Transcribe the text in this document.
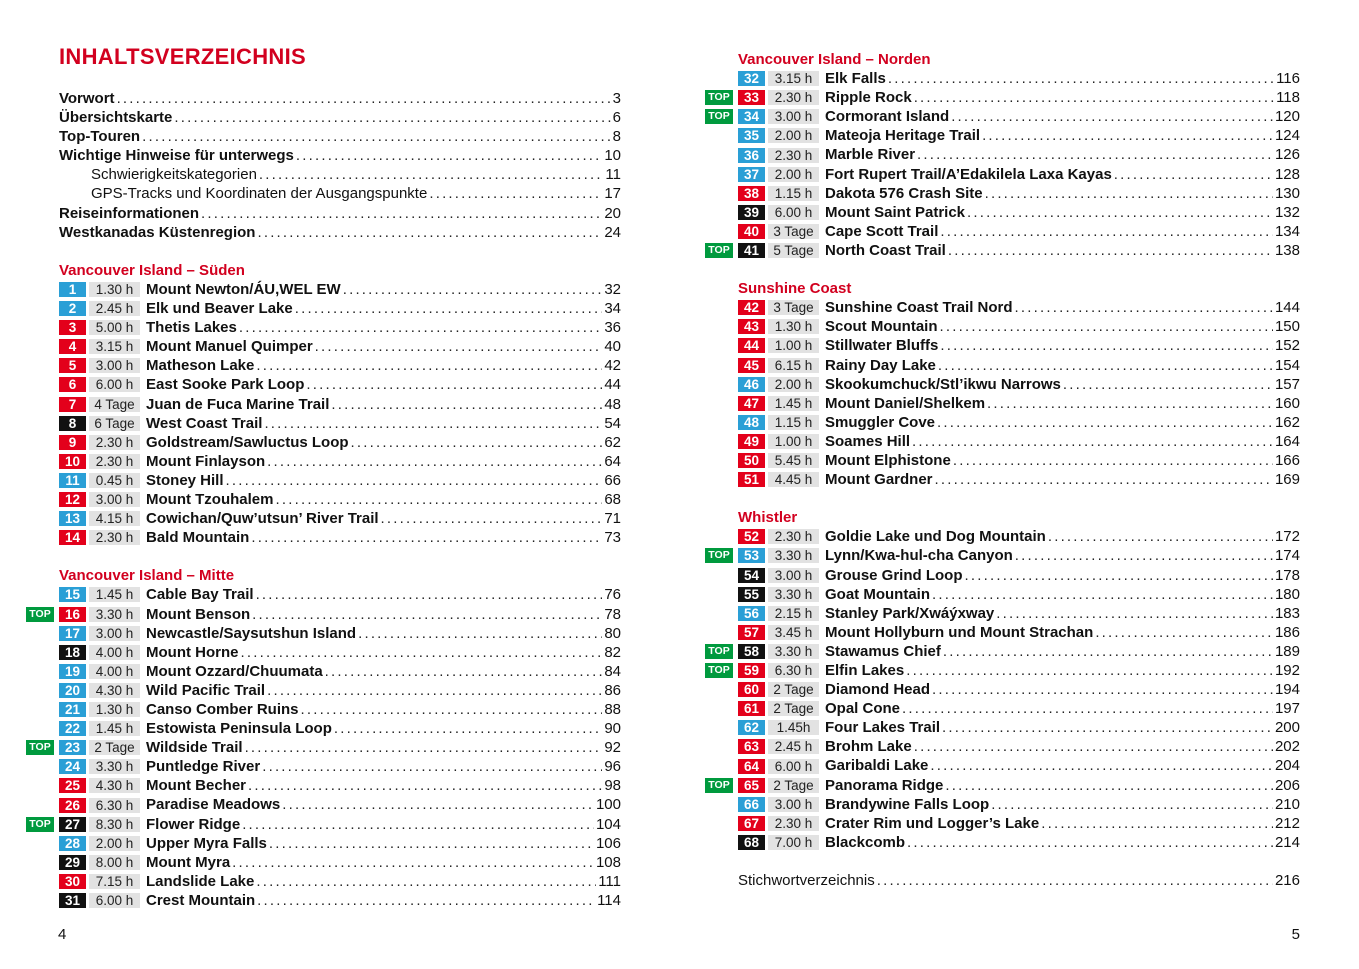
INHALTSVERZEICHNIS
Vorwort .....	3
Übersichtskarte .....	6
Top-Touren .....	8
Wichtige Hinweise für unterwegs .....	10
Schwierigkeitskategorien .....	11
GPS-Tracks und Koordinaten der Ausgangspunkte .....	17
Reiseinformationen .....	20
Westkanadas Küstenregion .....	24
Vancouver Island – Süden
1	1.30 h Mount Newton/ÁU,WEL EW .....	32
2	2.45 h Elk und Beaver Lake .....	34
3	5.00 h Thetis Lakes .....	36
4	3.15 h Mount Manuel Quimper .....	40
5	3.00 h Matheson Lake .....	42
6	6.00 h East Sooke Park Loop .....	44
7	4 Tage Juan de Fuca Marine Trail .....	48
8	6 Tage West Coast Trail .....	54
9	2.30 h Goldstream/Sawluctus Loop .....	62
10	2.30 h Mount Finlayson .....	64
11	0.45 h Stoney Hill .....	66
12	3.00 h Mount Tzouhalem .....	68
13	4.15 h Cowichan/Quw’utsun’ River Trail .....	71
14	2.30 h Bald Mountain .....	73
Vancouver Island – Mitte
15	1.45 h Cable Bay Trail .....	76
TOP	16	3.30 h Mount Benson .....	78
17	3.00 h Newcastle/Saysutshun Island .....	80
18	4.00 h Mount Horne .....	82
19	4.00 h Mount Ozzard/Chuumata .....	84
20	4.30 h Wild Pacific Trail .....	86
21	1.30 h Canso Comber Ruins .....	88
22	1.45 h Estowista Peninsula Loop .....	90
TOP	23	2 Tage Wildside Trail .....	92
24	3.30 h Puntledge River .....	96
25	4.30 h Mount Becher .....	98
26	6.30 h Paradise Meadows .....	100
TOP	27	8.30 h Flower Ridge .....	104
28	2.00 h Upper Myra Falls .....	106
29	8.00 h Mount Myra .....	108
30	7.15 h Landslide Lake .....	111
31	6.00 h Crest Mountain .....	114
4
Vancouver Island – Norden
32	3.15 h Elk Falls .....	116
TOP	33	2.30 h Ripple Rock .....	118
TOP	34	3.00 h Cormorant Island .....	120
35	2.00 h Mateoja Heritage Trail .....	124
36	2.30 h Marble River .....	126
37	2.00 h Fort Rupert Trail/A’Edakilela Laxa Kayas .....	128
38	1.15 h Dakota 576 Crash Site .....	130
39	6.00 h Mount Saint Patrick .....	132
40	3 Tage Cape Scott Trail .....	134
TOP	41	5 Tage North Coast Trail .....	138
Sunshine Coast
42	3 Tage Sunshine Coast Trail Nord .....	144
43	1.30 h Scout Mountain .....	150
44	1.00 h Stillwater Bluffs .....	152
45	6.15 h Rainy Day Lake .....	154
46	2.00 h Skookumchuck/Stl’ikwu Narrows .....	157
47	1.45 h Mount Daniel/Shelkem .....	160
48	1.15 h Smuggler Cove .....	162
49	1.00 h Soames Hill .....	164
50	5.45 h Mount Elphistone .....	166
51	4.45 h Mount Gardner .....	169
Whistler
52	2.30 h Goldie Lake und Dog Mountain .....	172
TOP	53	3.30 h Lynn/Kwa-hul-cha Canyon .....	174
54	3.00 h Grouse Grind Loop .....	178
55	3.30 h Goat Mountain .....	180
56	2.15 h Stanley Park/Xwáýxway .....	183
57	3.45 h Mount Hollyburn und Mount Strachan .....	186
TOP	58	3.30 h Stawamus Chief .....	189
TOP	59	6.30 h Elfin Lakes .....	192
60	2 Tage Diamond Head .....	194
61	2 Tage Opal Cone .....	197
62	1.45h Four Lakes Trail .....	200
63	2.45 h Brohm Lake .....	202
64	6.00 h Garibaldi Lake .....	204
TOP	65	2 Tage Panorama Ridge .....	206
66	3.00 h Brandywine Falls Loop .....	210
67	2.30 h Crater Rim und Logger’s Lake .....	212
68	7.00 h Blackcomb .....	214
Stichwortverzeichnis .....	216
5
